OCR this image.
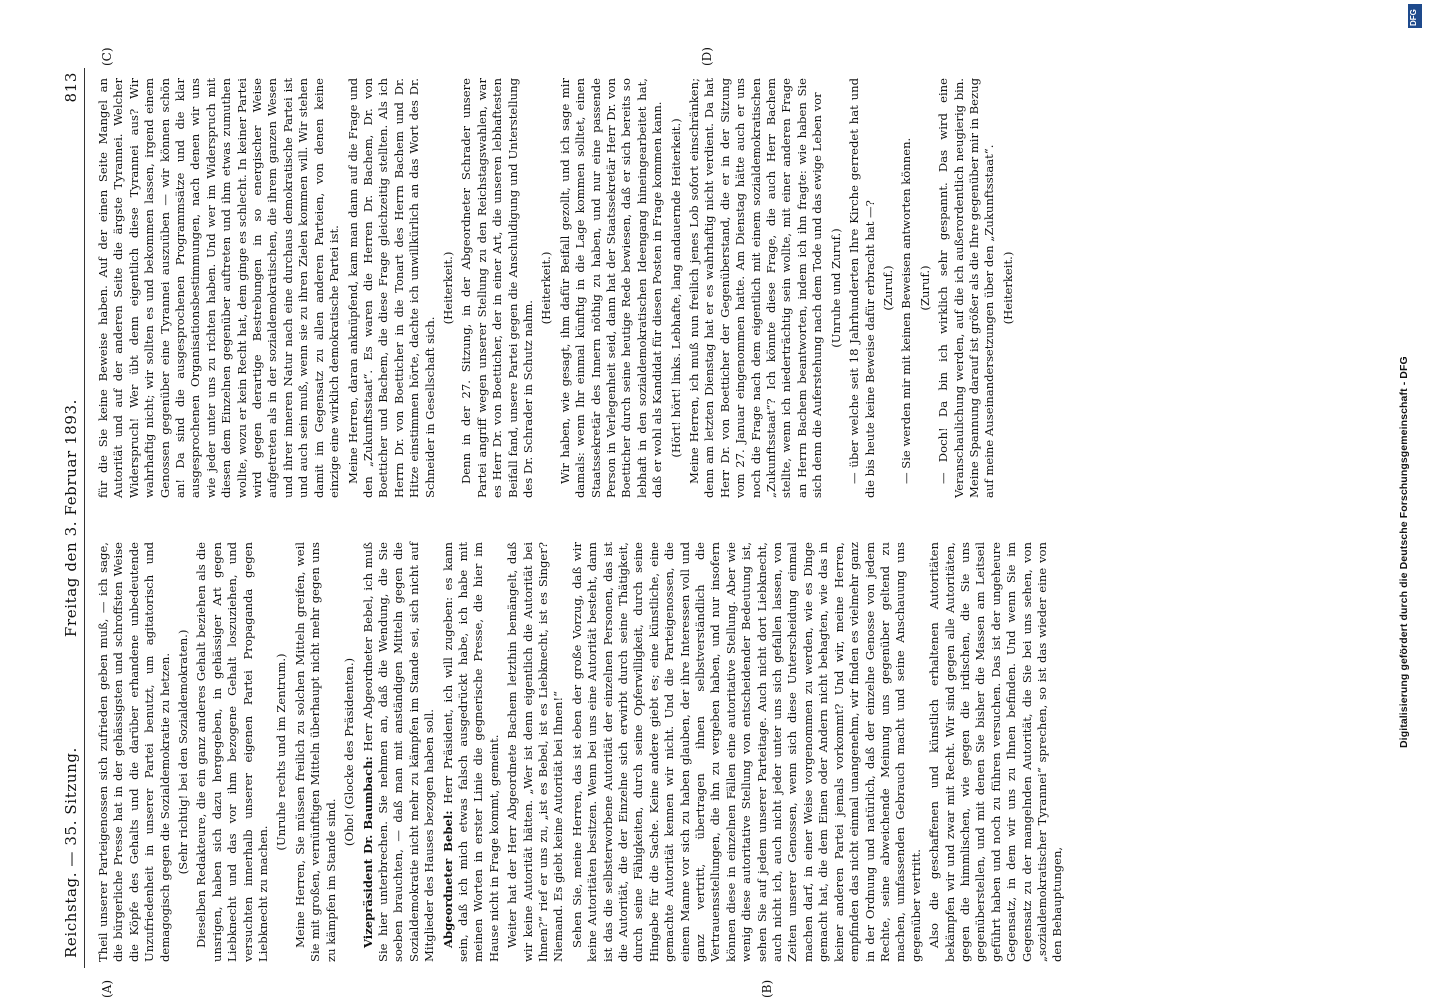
Reichstag. — 35. Sitzung.
Freitag den 3. Februar 1893.
813
(A)	(B)
(C)	(D)

Theil unserer Parteigenossen sich zufrieden geben muß, — ich sage, die bürgerliche Presse hat in der gehässigsten und schroffsten Weise die Köpfe des Gehalts und die darüber erhandene unbedeutende Unzufriedenheit in unserer Partei benutzt, um agitatorisch und demagogisch gegen die Sozialdemokratie zu hetzen. (Sehr richtig! bei den Sozialdemokraten.) Dieselben Redakteure, die ein ganz anderes Gehalt beziehen als die unsrigen, haben sich dazu hergegeben, in gehässiger Art gegen Liebknecht und das vor ihm bezogene Gehalt loszuziehen, und versuchten innerhalb unserer eigenen Partei Propaganda gegen Liebknecht zu machen.

(Unruhe rechts und im Zentrum.) Meine Herren, Sie müssen freilich zu solchen Mitteln greifen, weil Sie mit großen, vernünftigen Mitteln überhaupt nicht mehr gegen uns zu kämpfen im Stande sind.

(Oho! (Glocke des Präsidenten.)

Vizepräsident Dr. Baumbach: Herr Abgeordneter Bebel, ich muß Sie hier unterbrechen. Sie nehmen an, daß die Wendung, die Sie soeben brauchten, — daß man mit anständigen Mitteln gegen die Sozialdemokratie nicht mehr zu kämpfen im Stande sei, sich nicht auf Mitglieder des Hauses bezogen haben soll. Abgeordneter Bebel: Herr Präsident, ich will zugeben: es kann sein, daß ich mich etwas falsch ausgedrückt habe, ich habe mit meinen Worten in erster Linie die gegnerische Presse, die hier im Hause nicht in Frage kommt, gemeint. Weiter hat der Herr Abgeordnete Bachem letzthin bemängelt, daß wir keine Autorität hätten. „Wer ist denn eigentlich die Autorität bei Ihnen?“ rief er uns zu, „ist es Bebel, ist es Liebknecht, ist es Singer? Niemand. Es giebt keine Autorität bei Ihnen!“ Sehen Sie, meine Herren, das ist eben der große Vorzug, daß wir keine Autoritäten besitzen. Wenn bei uns eine Autorität besteht, dann ist das die selbsterworbene Autorität der einzelnen Personen, das ist die Autorität, die der Einzelne sich erwirbt durch seine Thätigkeit, durch seine Fähigkeiten, durch seine Opferwilligkeit, durch seine Hingabe für die Sache. Keine andere giebt es; eine künstliche, eine gemachte Autorität kennen wir nicht. Und die Parteigenossen, die einem Manne vor sich zu haben glauben, der ihre Interessen voll und ganz vertritt, übertragen ihnen selbstverständlich die Vertrauensstellungen, die ihn zu vergeben haben, und nur insofern können diese in einzelnen Fällen eine autoritative Stellung. Aber wie wenig diese autoritative Stellung von entscheidender Bedeutung ist, sehen Sie auf jedem unserer Parteitage. Auch nicht dort Liebknecht, auch nicht ich, auch nicht jeder unter uns sich gefallen lassen, von Zeiten unserer Genossen, wenn sich diese Unterscheidung einmal machen darf, in einer Weise vorgenommen zu werden, wie es Dinge gemacht hat, die dem Einen oder Andern nicht behagten, wie das in keiner anderen Partei jemals vorkommt? Und wir, meine Herren, empfinden das nicht einmal unangenehm, wir finden es vielmehr ganz in der Ordnung und natürlich, daß der einzelne Genosse von jedem Rechte, seine abweichende Meinung uns gegenüber geltend zu machen, umfassenden Gebrauch macht und seine Anschauung uns gegenüber vertritt. Also die geschaffenen und künstlich erhaltenen Autoritäten bekämpfen wir und zwar mit Recht. Wir sind gegen alle Autoritäten, gegen die himmlischen, wie gegen die irdischen, die Sie uns gegenüberstellen, und mit denen Sie bisher die Massen am Leitseil geführt haben und noch zu führen versuchen. Das ist der ungeheure Gegensatz, in dem wir uns zu Ihnen befinden. Und wenn Sie im Gegensatz zu der mangelnden Autorität, die Sie bei uns sehen, von „sozialdemokratischer Tyrannei“ sprechen, so ist das wieder eine von den Behauptungen,

für die Sie keine Beweise haben. Auf der einen Seite Mangel an Autorität und auf der anderen Seite die ärgste Tyrannei. Welcher Widerspruch! Wer übt denn eigentlich diese Tyrannei aus? Wir wahrhaftig nicht; wir sollten es und bekommen lassen, irgend einem Genossen gegenüber eine Tyrannei auszuüben — wir können schön an! Da sind die ausgesprochenen Programmsätze und die klar ausgesprochenen Organisationsbestimmungen, nach denen wir uns wie jeder unter uns zu richten haben. Und wer im Widerspruch mit diesen dem Einzelnen gegenüber auftreten und ihm etwas zumuthen wollte, wozu er kein Recht hat, dem ginge es schlecht. In keiner Partei wird gegen derartige Bestrebungen in so energischer Weise aufgetreten als in der sozialdemokratischen, die ihrem ganzen Wesen und ihrer inneren Natur nach eine durchaus demokratische Partei ist und auch sein muß, wenn sie zu ihren Zielen kommen will. Wir stehen damit im Gegensatz zu allen anderen Parteien, von denen keine einzige eine wirklich demokratische Partei ist. Meine Herren, daran anknüpfend, kam man dann auf die Frage und den „Zukunftsstaat“. Es waren die Herren Dr. Bachem, Dr. von Boetticher und Bachem, die diese Frage gleichzeitig stellten. Als ich Herrn Dr. von Boetticher in die Tonart des Herrn Bachem und Dr. Hitze einstimmen hörte, dachte ich unwillkürlich an das Wort des Dr. Schneider in Gesellschaft sich.

(Heiterkeit.) Denn in der 27. Sitzung, in der Abgeordneter Schrader unsere Partei angriff wegen unserer Stellung zu den Reichstagswahlen, war es Herr Dr. von Boetticher, der in einer Art, die unseren lebhaftesten Beifall fand, unsere Partei gegen die Anschuldigung und Unterstellung des Dr. Schrader in Schutz nahm.

(Heiterkeit.) Wir haben, wie gesagt, ihm dafür Beifall gezollt, und ich sage mir damals: wenn Ihr einmal künftig in die Lage kommen solltet, einen Staatssekretär des Innern nöthig zu haben, und nur eine passende Person in Verlegenheit seid, dann hat der Staatssekretär Herr Dr. von Boetticher durch seine heutige Rede bewiesen, daß er sich bereits so lebhaft in den sozialdemokratischen Ideengang hineingearbeitet hat, daß er wohl als Kandidat für diesen Posten in Frage kommen kann. (Hört! hört! links. Lebhafte, lang andauernde Heiterkeit.) Meine Herren, ich muß nun freilich jenes Lob sofort einschränken; denn am letzten Dienstag hat er es wahrhaftig nicht verdient. Da hat Herr Dr. von Boetticher der Gegenüberstand, die er in der Sitzung vom 27. Januar eingenommen hatte. Am Dienstag hätte auch er uns noch die Frage nach dem eigentlich mit einem sozialdemokratischen „Zukunftsstaat“? Ich könnte diese Frage, die auch Herr Bachem stellte, wenn ich niederträchtig sein wollte, mit einer anderen Frage an Herrn Bachem beantworten, indem ich ihn fragte: wie haben Sie sich denn die Auferstehung nach dem Tode und das ewige Leben vor (Unruhe und Zuruf.) — über welche seit 18 Jahrhunderten Ihre Kirche gerredet hat und die bis heute keine Beweise dafür erbracht hat —? (Zuruf.) — Sie werden mir mit keinen Beweisen antworten können. (Zuruf.) — Doch! Da bin ich wirklich sehr gespannt. Das wird eine Veranschaulichung werden, auf die ich außerordentlich neugierig bin. Meine Spannung darauf ist größer als die Ihre gegenüber mir in Bezug auf meine Auseinandersetzungen über den „Zukunftsstaat“. (Heiterkeit.)

Digitalisierung gefördert durch die Deutsche Forschungsgemeinschaft - DFG
DFG
